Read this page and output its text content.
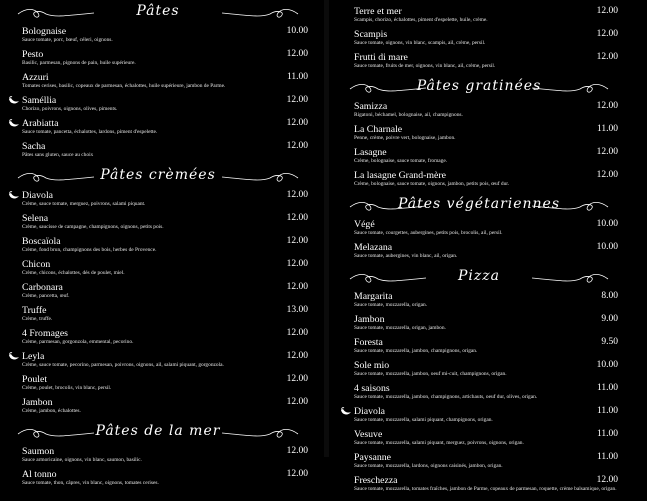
Pâtes
Bolognaise
Sauce tomate, porc, bœuf, céleri, oignons.
10.00
Pesto
Basilic, parmesan, pignons de pain, huile supérieure.
12.00
Azzuri
Tomates cerises, basilic, copeaux de parmesan, échalottes, huile supérieure, jambon de Parme.
11.00
Saméllia
Chorizo, poivrons, oignons, olives, piments.
12.00
Arabiatta
Sauce tomate, pancetta, échalottes, lardons, piment d'espelette.
12.00
Sacha
Pâtes sans gluten, sauce au choix
12.00
Pâtes crèmées
Diavola
Crème, sauce tomate, merguez, poivrons, salami piquant.
12.00
Selena
Crème, saucisse de campagne, champignons, oignons, petits pois.
12.00
Boscaïola
Crème, fond brun, champignons des bois, herbes de Provence.
12.00
Chicon
Crème, chicons, échalottes, dés de poulet, miel.
12.00
Carbonara
Crème, pancetta, œuf.
12.00
Truffe
Crème, truffe.
13.00
4 Fromages
Crème, parmesan, gorgonzola, emmental, pecorino.
12.00
Leyla
Crème, sauce tomate, pecorino, parmesan, poivrons, oignons, ail, salami piquant, gorgonzola.
12.00
Poulet
Crème, poulet, brocolis, vin blanc, persil.
12.00
Jambon
Crème, jambon, échalottes.
12.00
Pâtes de la mer
Saumon
Sauce armoricaine, oignons, vin blanc, saumon, basilic.
12.00
Al tonno
Sauce tomate, thon, câpres, vin blanc, oignons, tomates cerises.
12.00
Terre et mer
Scampis, chorizo, échalottes, piment d'espelette, huile, crème.
12.00
Scampis
Sauce tomate, oignons, vin blanc, scampis, ail, crème, persil.
12.00
Frutti di mare
Sauce tomate, fruits de mer, oignons, vin blanc, ail, crème, persil.
12.00
Pâtes gratinées
Samizza
Rigatoni, béchamel, bolognaise, ail, champignons.
12.00
La Charnale
Penne, crème, poivre vert, bolognaise, jambon.
11.00
Lasagne
Crème, bolognaise, sauce tomate, fromage.
12.00
La lasagne Grand-mère
Crème, bolognaise, sauce tomate, oignons, jambon, petits pois, œuf dur.
12.00
Pâtes végétariennes
Végé
Sauce tomate, courgettes, aubergines, petits pois, brocolis, ail, persil.
10.00
Melazana
Sauce tomate, aubergines, vin blanc, ail, origan.
10.00
Pizza
Margarita
Sauce tomate, mozzarella, origan.
8.00
Jambon
Sauce tomate, mozzarella, origan, jambon.
9.00
Foresta
Sauce tomate, mozzarella, jambon, champignons, origan.
9.50
Sole mio
Sauce tomate, mozzarella, jambon, oeuf mi-cuit, champignons, origan.
10.00
4 saisons
Sauce tomate, mozzarella, jambon, champignons, artichauts, oeuf dur, olives, origan.
11.00
Diavola
Sauce tomate, mozzarella, salami piquant, champignons, origan.
11.00
Vesuve
Sauce tomate, mozzarella, salami piquant, merguez, poivrons, oignons, origan.
11.00
Paysanne
Sauce tomate, mozzarella, lardons, oignons caisinés, jambon, origan.
11.00
Freschezza
Sauce tomate, mozzarella, tomates fraîches, jambon de Parme, copeaux de parmesan, roquette, crème balsamique, origan.
12.00
